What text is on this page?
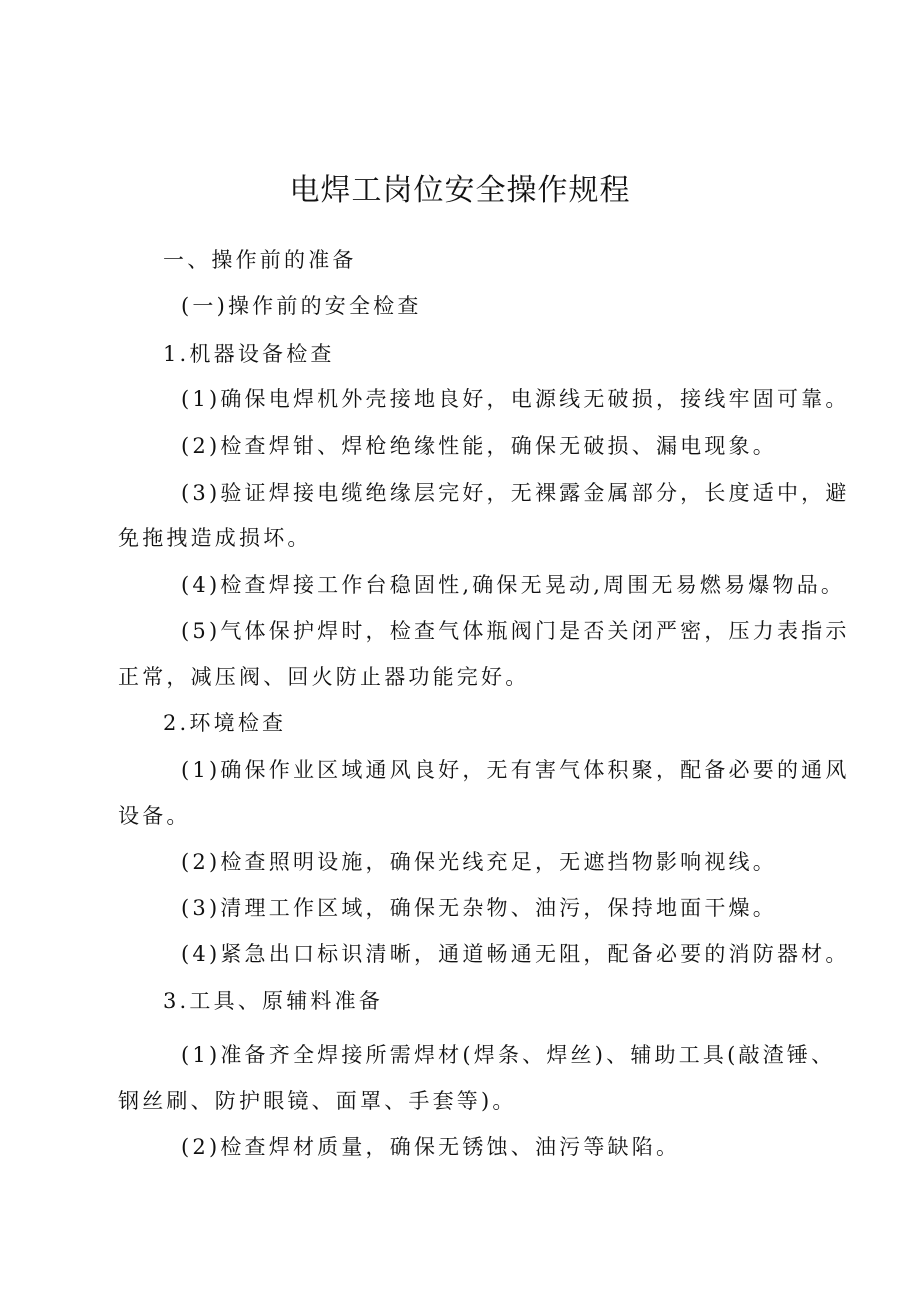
电焊工岗位安全操作规程
一、操作前的准备
(一)操作前的安全检查
1.机器设备检查
(1)确保电焊机外壳接地良好，电源线无破损，接线牢固可靠。
(2)检查焊钳、焊枪绝缘性能，确保无破损、漏电现象。
(3)验证焊接电缆绝缘层完好，无裸露金属部分，长度适中，避
免拖拽造成损坏。
(4)检查焊接工作台稳固性,确保无晃动,周围无易燃易爆物品。
(5)气体保护焊时，检查气体瓶阀门是否关闭严密，压力表指示
正常，减压阀、回火防止器功能完好。
2.环境检查
(1)确保作业区域通风良好，无有害气体积聚，配备必要的通风
设备。
(2)检查照明设施，确保光线充足，无遮挡物影响视线。
(3)清理工作区域，确保无杂物、油污，保持地面干燥。
(4)紧急出口标识清晰，通道畅通无阻，配备必要的消防器材。
3.工具、原辅料准备
(1)准备齐全焊接所需焊材(焊条、焊丝)、辅助工具(敲渣锤、
钢丝刷、防护眼镜、面罩、手套等)。
(2)检查焊材质量，确保无锈蚀、油污等缺陷。
